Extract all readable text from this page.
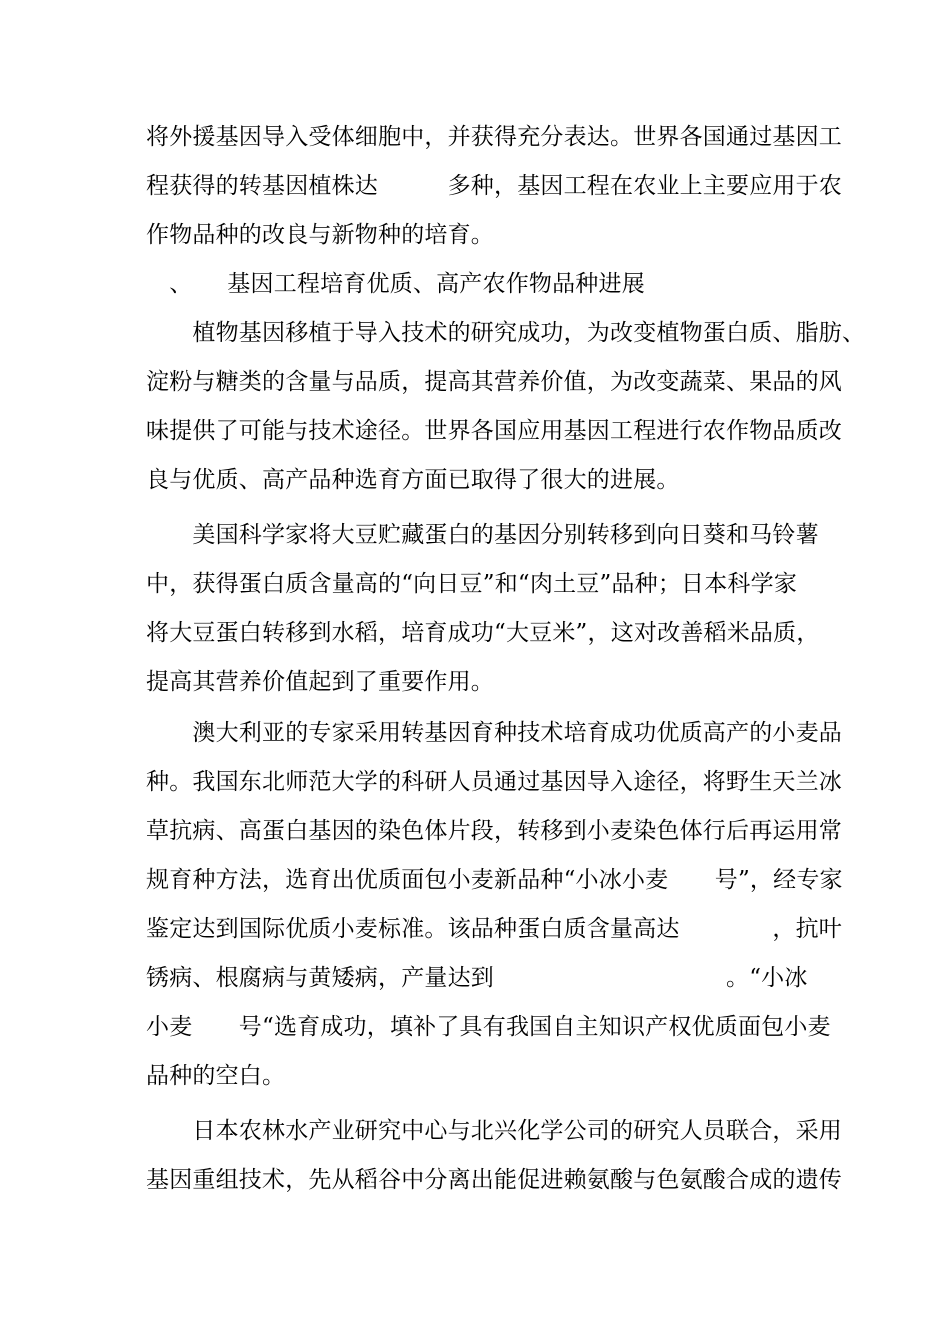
将外援基因导入受体细胞中，并获得充分表达。世界各国通过基因工
程获得的转基因植株达　　　多种，基因工程在农业上主要应用于农
作物品种的改良与新物种的培育。
　、　　基因工程培育优质、高产农作物品种进展
　　植物基因移植于导入技术的研究成功，为改变植物蛋白质、脂肪、
淀粉与糖类的含量与品质，提高其营养价值，为改变蔬菜、果品的风
味提供了可能与技术途径。世界各国应用基因工程进行农作物品质改
良与优质、高产品种选育方面已取得了很大的进展。
　　美国科学家将大豆贮藏蛋白的基因分别转移到向日葵和马铃薯
中，获得蛋白质含量高的“向日豆”和“肉土豆”品种；日本科学家
将大豆蛋白转移到水稻，培育成功“大豆米”，这对改善稻米品质，
提高其营养价值起到了重要作用。
　　澳大利亚的专家采用转基因育种技术培育成功优质高产的小麦品
种。我国东北师范大学的科研人员通过基因导入途径，将野生天兰冰
草抗病、高蛋白基因的染色体片段，转移到小麦染色体行后再运用常
规育种方法，选育出优质面包小麦新品种“小冰小麦　　号”，经专家
鉴定达到国际优质小麦标准。该品种蛋白质含量高达　　　　，抗叶
锈病、根腐病与黄矮病，产量达到　　　　　　　　　　。“小冰
小麦　　号“选育成功，填补了具有我国自主知识产权优质面包小麦
品种的空白。
　　日本农林水产业研究中心与北兴化学公司的研究人员联合，采用
基因重组技术，先从稻谷中分离出能促进赖氨酸与色氨酸合成的遗传
